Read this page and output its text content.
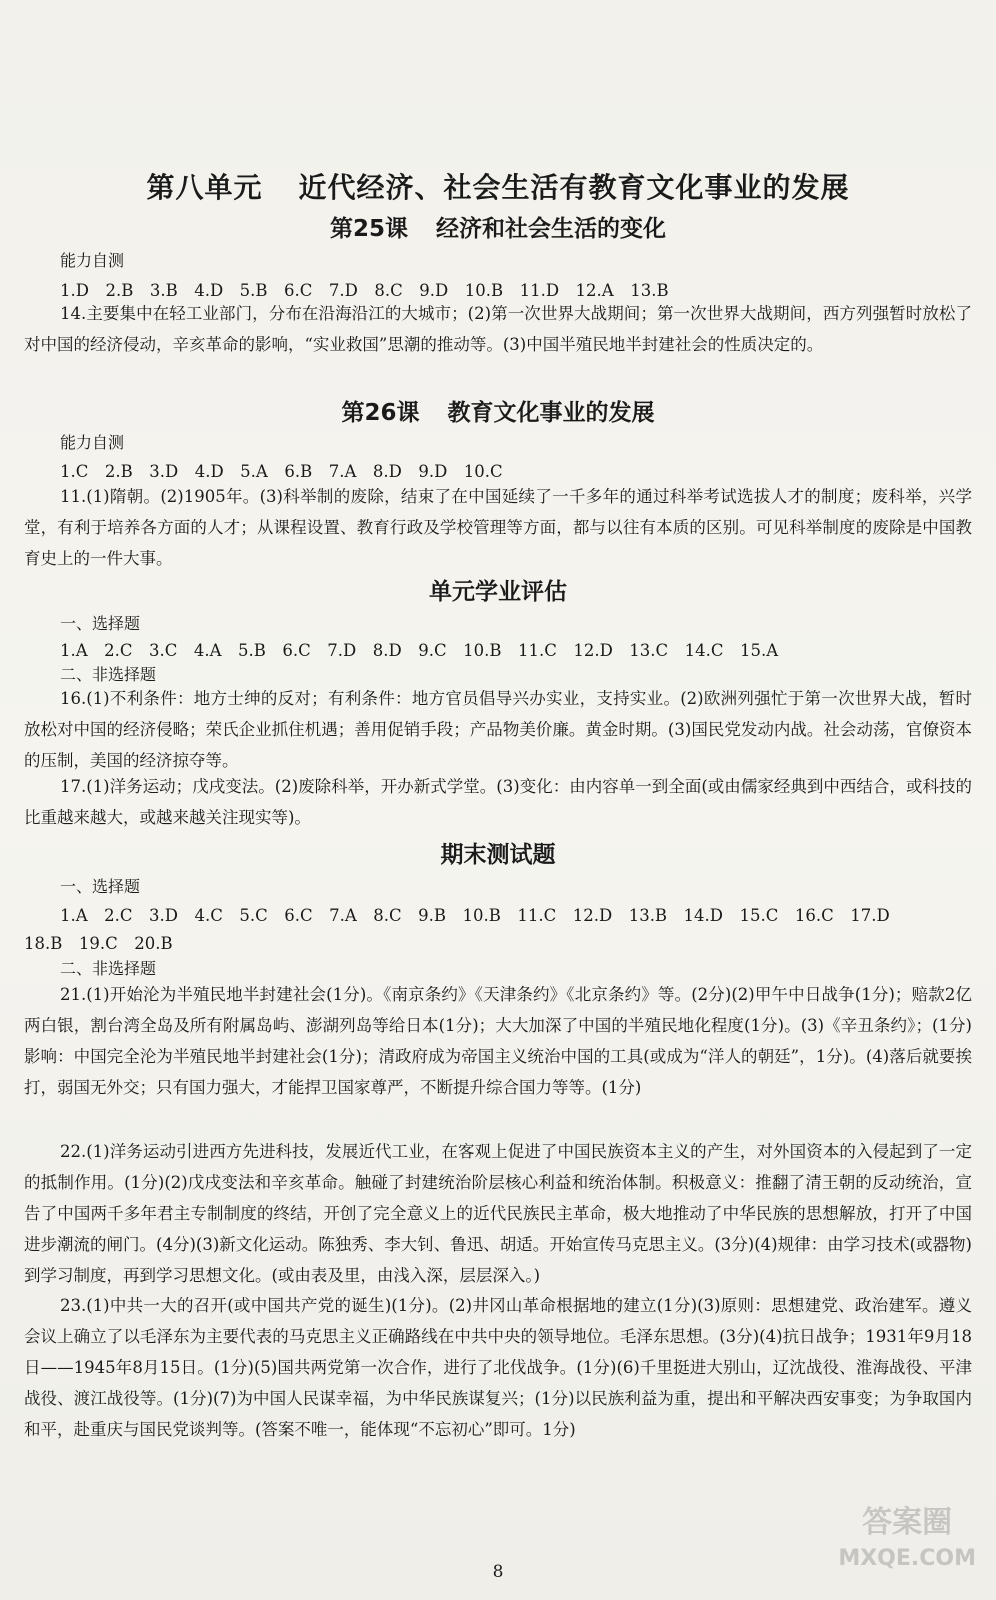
第八单元 近代经济、社会生活有教育文化事业的发展
第25课 经济和社会生活的变化
能力自测
1.D　2.B　3.B　4.D　5.B　6.C　7.D　8.C　9.D　10.B　11.D　12.A　13.B
14.主要集中在轻工业部门，分布在沿海沿江的大城市；(2)第一次世界大战期间；第一次世界大战期间，西方列强暂时放松了对中国的经济侵动，辛亥革命的影响，“实业救国”思潮的推动等。(3)中国半殖民地半封建社会的性质决定的。
第26课 教育文化事业的发展
能力自测
1.C　2.B　3.D　4.D　5.A　6.B　7.A　8.D　9.D　10.C
11.(1)隋朝。(2)1905年。(3)科举制的废除，结束了在中国延续了一千多年的通过科举考试选拔人才的制度；废科举，兴学堂，有利于培养各方面的人才；从课程设置、教育行政及学校管理等方面，都与以往有本质的区别。可见科举制度的废除是中国教育史上的一件大事。
单元学业评估
一、选择题
1.A　2.C　3.C　4.A　5.B　6.C　7.D　8.D　9.C　10.B　11.C　12.D　13.C　14.C　15.A
二、非选择题
16.(1)不利条件：地方士绅的反对；有利条件：地方官员倡导兴办实业，支持实业。(2)欧洲列强忙于第一次世界大战，暂时放松对中国的经济侵略；荣氏企业抓住机遇；善用促销手段；产品物美价廉。黄金时期。(3)国民党发动内战。社会动荡，官僚资本的压制，美国的经济掠夺等。
17.(1)洋务运动；戊戌变法。(2)废除科举，开办新式学堂。(3)变化：由内容单一到全面(或由儒家经典到中西结合，或科技的比重越来越大，或越来越关注现实等)。
期末测试题
一、选择题
1.A　2.C　3.D　4.C　5.C　6.C　7.A　8.C　9.B　10.B　11.C　12.D　13.B　14.D　15.C　16.C　17.D
18.B　19.C　20.B
二、非选择题
21.(1)开始沦为半殖民地半封建社会(1分)。《南京条约》《天津条约》《北京条约》等。(2分)(2)甲午中日战争(1分)；赔款2亿两白银，割台湾全岛及所有附属岛屿、澎湖列岛等给日本(1分)；大大加深了中国的半殖民地化程度(1分)。(3)《辛丑条约》；(1分)影响：中国完全沦为半殖民地半封建社会(1分)；清政府成为帝国主义统治中国的工具(或成为“洋人的朝廷”，1分)。(4)落后就要挨打，弱国无外交；只有国力强大，才能捍卫国家尊严，不断提升综合国力等等。(1分)
22.(1)洋务运动引进西方先进科技，发展近代工业，在客观上促进了中国民族资本主义的产生，对外国资本的入侵起到了一定的抵制作用。(1分)(2)戊戌变法和辛亥革命。触碰了封建统治阶层核心利益和统治体制。积极意义：推翻了清王朝的反动统治，宣告了中国两千多年君主专制制度的终结，开创了完全意义上的近代民族民主革命，极大地推动了中华民族的思想解放，打开了中国进步潮流的闸门。(4分)(3)新文化运动。陈独秀、李大钊、鲁迅、胡适。开始宣传马克思主义。(3分)(4)规律：由学习技术(或器物)到学习制度，再到学习思想文化。(或由表及里，由浅入深，层层深入。)
23.(1)中共一大的召开(或中国共产党的诞生)(1分)。(2)井冈山革命根据地的建立(1分)(3)原则：思想建党、政治建军。遵义会议上确立了以毛泽东为主要代表的马克思主义正确路线在中共中央的领导地位。毛泽东思想。(3分)(4)抗日战争；1931年9月18日——1945年8月15日。(1分)(5)国共两党第一次合作，进行了北伐战争。(1分)(6)千里挺进大别山，辽沈战役、淮海战役、平津战役、渡江战役等。(1分)(7)为中国人民谋幸福，为中华民族谋复兴；(1分)以民族利益为重，提出和平解决西安事变；为争取国内和平，赴重庆与国民党谈判等。(答案不唯一，能体现“不忘初心”即可。1分)
8
答案圈
MXQE.COM
